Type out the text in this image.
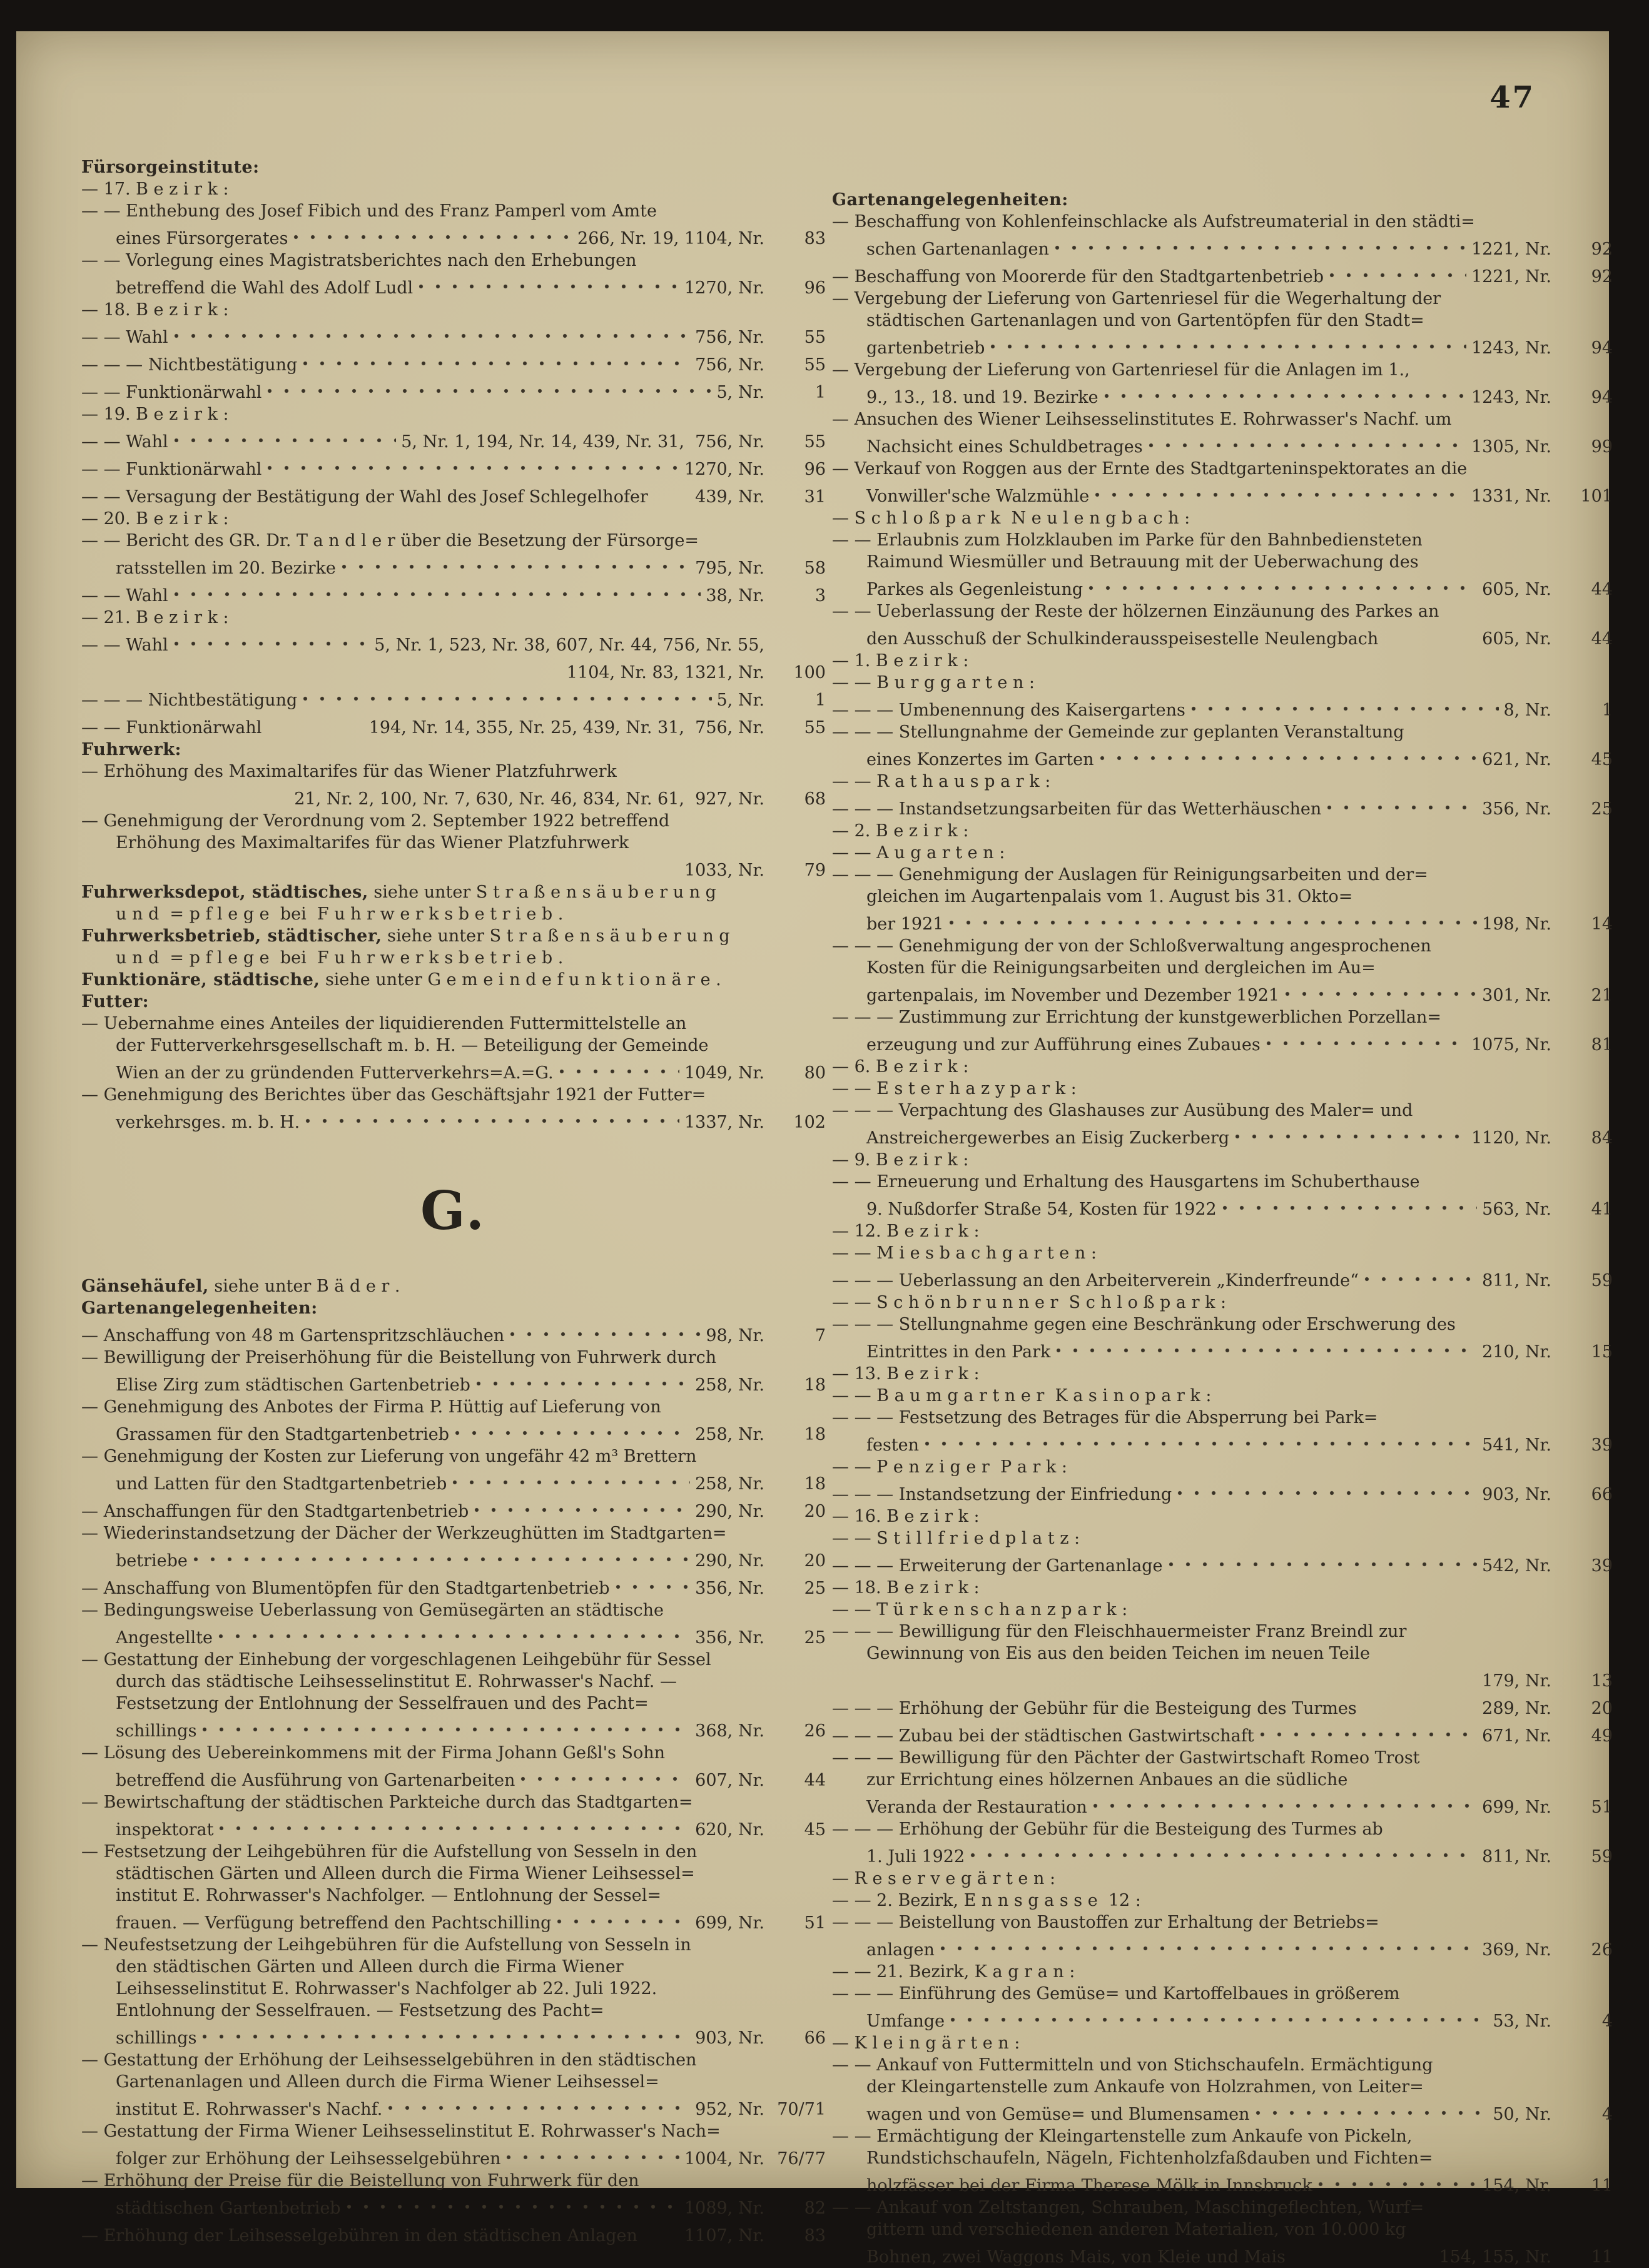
47
Fürsorgeinstitute:
— 17. B e z i r k :
— — Enthebung des Josef Fibich und des Franz Pamperl vom Amte
eines Fürsorgerates	266, Nr. 19, 1104, Nr.	83
— — Vorlegung eines Magistratsberichtes nach den Erhebungen
betreffend die Wahl des Adolf Ludl	1270, Nr.	96
— 18. B e z i r k :
— — Wahl	756, Nr.	55
— — — Nichtbestätigung	756, Nr.	55
— — Funktionärwahl	5, Nr.	1
— 19. B e z i r k :
— — Wahl	5, Nr. 1, 194, Nr. 14, 439, Nr. 31,  756, Nr.	55
— — Funktionärwahl	1270, Nr.	96
— — Versagung der Bestätigung der Wahl des Josef Schlegelhofer	439, Nr.	31
— 20. B e z i r k :
— — Bericht des GR. Dr. T a n d l e r über die Besetzung der Fürsorge=
ratsstellen im 20. Bezirke	795, Nr.	58
— — Wahl	38, Nr.	3
— 21. B e z i r k :
— — Wahl	5, Nr. 1, 523, Nr. 38, 607, Nr. 44, 756, Nr. 55,
1104, Nr. 83, 1321, Nr.	100
— — — Nichtbestätigung	5, Nr.	1
— — Funktionärwahl	194, Nr. 14, 355, Nr. 25, 439, Nr. 31,  756, Nr.	55
Fuhrwerk:
— Erhöhung des Maximaltarifes für das Wiener Platzfuhrwerk
21, Nr. 2, 100, Nr. 7, 630, Nr. 46, 834, Nr. 61,  927, Nr.	68
— Genehmigung der Verordnung vom 2. September 1922 betreffend
Erhöhung des Maximaltarifes für das Wiener Platzfuhrwerk
1033, Nr.	79
Fuhrwerksdepot, städtisches, siehe unter S t r a ß e n s ä u b e r u n g
u n d  = p f l e g e  bei  F u h r w e r k s b e t r i e b .
Fuhrwerksbetrieb, städtischer, siehe unter S t r a ß e n s ä u b e r u n g
u n d  = p f l e g e  bei  F u h r w e r k s b e t r i e b .
Funktionäre, städtische, siehe unter G e m e i n d e f u n k t i o n ä r e .
Futter:
— Uebernahme eines Anteiles der liquidierenden Futtermittelstelle an
der Futterverkehrsgesellschaft m. b. H. — Beteiligung der Gemeinde
Wien an der zu gründenden Futterverkehrs=A.=G.	1049, Nr.	80
— Genehmigung des Berichtes über das Geschäftsjahr 1921 der Futter=
verkehrsges. m. b. H.	1337, Nr.	102
G.
Gänsehäufel, siehe unter B ä d e r .
Gartenangelegenheiten:
— Anschaffung von 48 m Gartenspritzschläuchen	98, Nr.	7
— Bewilligung der Preiserhöhung für die Beistellung von Fuhrwerk durch
Elise Zirg zum städtischen Gartenbetrieb	258, Nr.	18
— Genehmigung des Anbotes der Firma P. Hüttig auf Lieferung von
Grassamen für den Stadtgartenbetrieb	258, Nr.	18
— Genehmigung der Kosten zur Lieferung von ungefähr 42 m³ Brettern
und Latten für den Stadtgartenbetrieb	258, Nr.	18
— Anschaffungen für den Stadtgartenbetrieb	290, Nr.	20
— Wiederinstandsetzung der Dächer der Werkzeughütten im Stadtgarten=
betriebe	290, Nr.	20
— Anschaffung von Blumentöpfen für den Stadtgartenbetrieb	356, Nr.	25
— Bedingungsweise Ueberlassung von Gemüsegärten an städtische
Angestellte	356, Nr.	25
— Gestattung der Einhebung der vorgeschlagenen Leihgebühr für Sessel
durch das städtische Leihsesselinstitut E. Rohrwasser's Nachf. —
Festsetzung der Entlohnung der Sesselfrauen und des Pacht=
schillings	368, Nr.	26
— Lösung des Uebereinkommens mit der Firma Johann Geßl's Sohn
betreffend die Ausführung von Gartenarbeiten	607, Nr.	44
— Bewirtschaftung der städtischen Parkteiche durch das Stadtgarten=
inspektorat	620, Nr.	45
— Festsetzung der Leihgebühren für die Aufstellung von Sesseln in den
städtischen Gärten und Alleen durch die Firma Wiener Leihsessel=
institut E. Rohrwasser's Nachfolger. — Entlohnung der Sessel=
frauen. — Verfügung betreffend den Pachtschilling	699, Nr.	51
— Neufestsetzung der Leihgebühren für die Aufstellung von Sesseln in
den städtischen Gärten und Alleen durch die Firma Wiener
Leihsesselinstitut E. Rohrwasser's Nachfolger ab 22. Juli 1922.
Entlohnung der Sesselfrauen. — Festsetzung des Pacht=
schillings	903, Nr.	66
— Gestattung der Erhöhung der Leihsesselgebühren in den städtischen
Gartenanlagen und Alleen durch die Firma Wiener Leihsessel=
institut E. Rohrwasser's Nachf.	952, Nr. 70/71
— Gestattung der Firma Wiener Leihsesselinstitut E. Rohrwasser's Nach=
folger zur Erhöhung der Leihsesselgebühren	1004, Nr. 76/77
— Erhöhung der Preise für die Beistellung von Fuhrwerk für den
städtischen Gartenbetrieb	1089, Nr.	82
— Erhöhung der Leihsesselgebühren in den städtischen Anlagen	1107, Nr.	83
Gartenangelegenheiten:
— Beschaffung von Kohlenfeinschlacke als Aufstreumaterial in den städti=
schen Gartenanlagen	1221, Nr.	92
— Beschaffung von Moorerde für den Stadtgartenbetrieb	1221, Nr.	92
— Vergebung der Lieferung von Gartenriesel für die Wegerhaltung der
städtischen Gartenanlagen und von Gartentöpfen für den Stadt=
gartenbetrieb	1243, Nr.	94
— Vergebung der Lieferung von Gartenriesel für die Anlagen im 1.,
9., 13., 18. und 19. Bezirke	1243, Nr.	94
— Ansuchen des Wiener Leihsesselinstitutes E. Rohrwasser's Nachf. um
Nachsicht eines Schuldbetrages	1305, Nr.	99
— Verkauf von Roggen aus der Ernte des Stadtgarteninspektorates an die
Vonwiller'sche Walzmühle	1331, Nr.	101
— S c h l o ß p a r k  N e u l e n g b a c h :
— — Erlaubnis zum Holzklauben im Parke für den Bahnbediensteten
Raimund Wiesmüller und Betrauung mit der Ueberwachung des
Parkes als Gegenleistung	605, Nr.	44
— — Ueberlassung der Reste der hölzernen Einzäunung des Parkes an
den Ausschuß der Schulkinderausspeisestelle Neulengbach	605, Nr.	44
— 1. B e z i r k :
— — B u r g g a r t e n :
— — — Umbenennung des Kaisergartens	8, Nr.	1
— — — Stellungnahme der Gemeinde zur geplanten Veranstaltung
eines Konzertes im Garten	621, Nr.	45
— — R a t h a u s p a r k :
— — — Instandsetzungsarbeiten für das Wetterhäuschen	356, Nr.	25
— 2. B e z i r k :
— — A u g a r t e n :
— — — Genehmigung der Auslagen für Reinigungsarbeiten und der=
gleichen im Augartenpalais vom 1. August bis 31. Okto=
ber 1921	198, Nr.	14
— — — Genehmigung der von der Schloßverwaltung angesprochenen
Kosten für die Reinigungsarbeiten und dergleichen im Au=
gartenpalais, im November und Dezember 1921	301, Nr.	21
— — — Zustimmung zur Errichtung der kunstgewerblichen Porzellan=
erzeugung und zur Aufführung eines Zubaues	1075, Nr.	81
— 6. B e z i r k :
— — E s t e r h a z y p a r k :
— — — Verpachtung des Glashauses zur Ausübung des Maler= und
Anstreichergewerbes an Eisig Zuckerberg	1120, Nr.	84
— 9. B e z i r k :
— — Erneuerung und Erhaltung des Hausgartens im Schuberthause
9. Nußdorfer Straße 54, Kosten für 1922	563, Nr.	41
— 12. B e z i r k :
— — M i e s b a c h g a r t e n :
— — — Ueberlassung an den Arbeiterverein „Kinderfreunde“	811, Nr.	59
— — S c h ö n b r u n n e r  S c h l o ß p a r k :
— — — Stellungnahme gegen eine Beschränkung oder Erschwerung des
Eintrittes in den Park	210, Nr.	15
— 13. B e z i r k :
— — B a u m g a r t n e r  K a s i n o p a r k :
— — — Festsetzung des Betrages für die Absperrung bei Park=
festen	541, Nr.	39
— — P e n z i g e r  P a r k :
— — — Instandsetzung der Einfriedung	903, Nr.	66
— 16. B e z i r k :
— — S t i l l f r i e d p l a t z :
— — — Erweiterung der Gartenanlage	542, Nr.	39
— 18. B e z i r k :
— — T ü r k e n s c h a n z p a r k :
— — — Bewilligung für den Fleischhauermeister Franz Breindl zur
Gewinnung von Eis aus den beiden Teichen im neuen Teile
179, Nr.	13
— — — Erhöhung der Gebühr für die Besteigung des Turmes	289, Nr.	20
— — — Zubau bei der städtischen Gastwirtschaft	671, Nr.	49
— — — Bewilligung für den Pächter der Gastwirtschaft Romeo Trost
zur Errichtung eines hölzernen Anbaues an die südliche
Veranda der Restauration	699, Nr.	51
— — — Erhöhung der Gebühr für die Besteigung des Turmes ab
1. Juli 1922	811, Nr.	59
— R e s e r v e g ä r t e n :
— — 2. Bezirk, E n n s g a s s e  12 :
— — — Beistellung von Baustoffen zur Erhaltung der Betriebs=
anlagen	369, Nr.	26
— — 21. Bezirk, K a g r a n :
— — — Einführung des Gemüse= und Kartoffelbaues in größerem
Umfange	53, Nr.	4
— K l e i n g ä r t e n :
— — Ankauf von Futtermitteln und von Stichschaufeln. Ermächtigung
der Kleingartenstelle zum Ankaufe von Holzrahmen, von Leiter=
wagen und von Gemüse= und Blumensamen	50, Nr.	4
— — Ermächtigung der Kleingartenstelle zum Ankaufe von Pickeln,
Rundstichschaufeln, Nägeln, Fichtenholzfaßdauben und Fichten=
holzfässer bei der Firma Therese Mölk in Innsbruck	154, Nr.	11
— — Ankauf von Zeltstangen, Schrauben, Maschingeflechten, Wurf=
gittern und verschiedenen anderen Materialien, von 10.000 kg
Bohnen, zwei Waggons Mais, von Kleie und Mais	154, 155, Nr.	11
